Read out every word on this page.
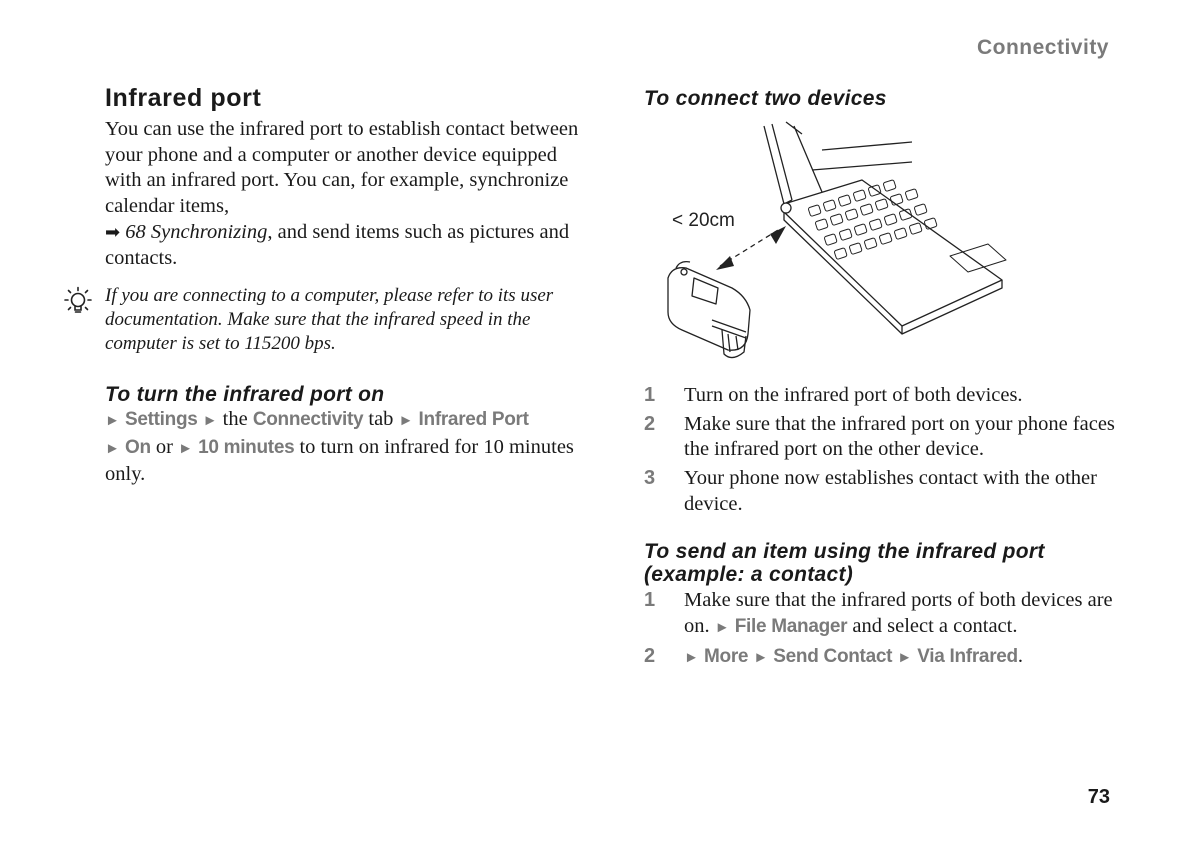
Connectivity
Infrared port
You can use the infrared port to establish contact between your phone and a computer or another device equipped with an infrared port. You can, for example, synchronize calendar items,
➡ 68 Synchronizing, and send items such as pictures and contacts.
If you are connecting to a computer, please refer to its user documentation. Make sure that the infrared speed in the computer is set to 115200 bps.
To turn the infrared port on
► Settings ► the Connectivity tab ► Infrared Port
► On or ► 10 minutes to turn on infrared for 10 minutes only.
To connect two devices
< 20cm
1 Turn on the infrared port of both devices.
2 Make sure that the infrared port on your phone faces the infrared port on the other device.
3 Your phone now establishes contact with the other device.
To send an item using the infrared port (example: a contact)
1 Make sure that the infrared ports of both devices are on. ► File Manager and select a contact.
2 ► More ► Send Contact ► Via Infrared.
73
